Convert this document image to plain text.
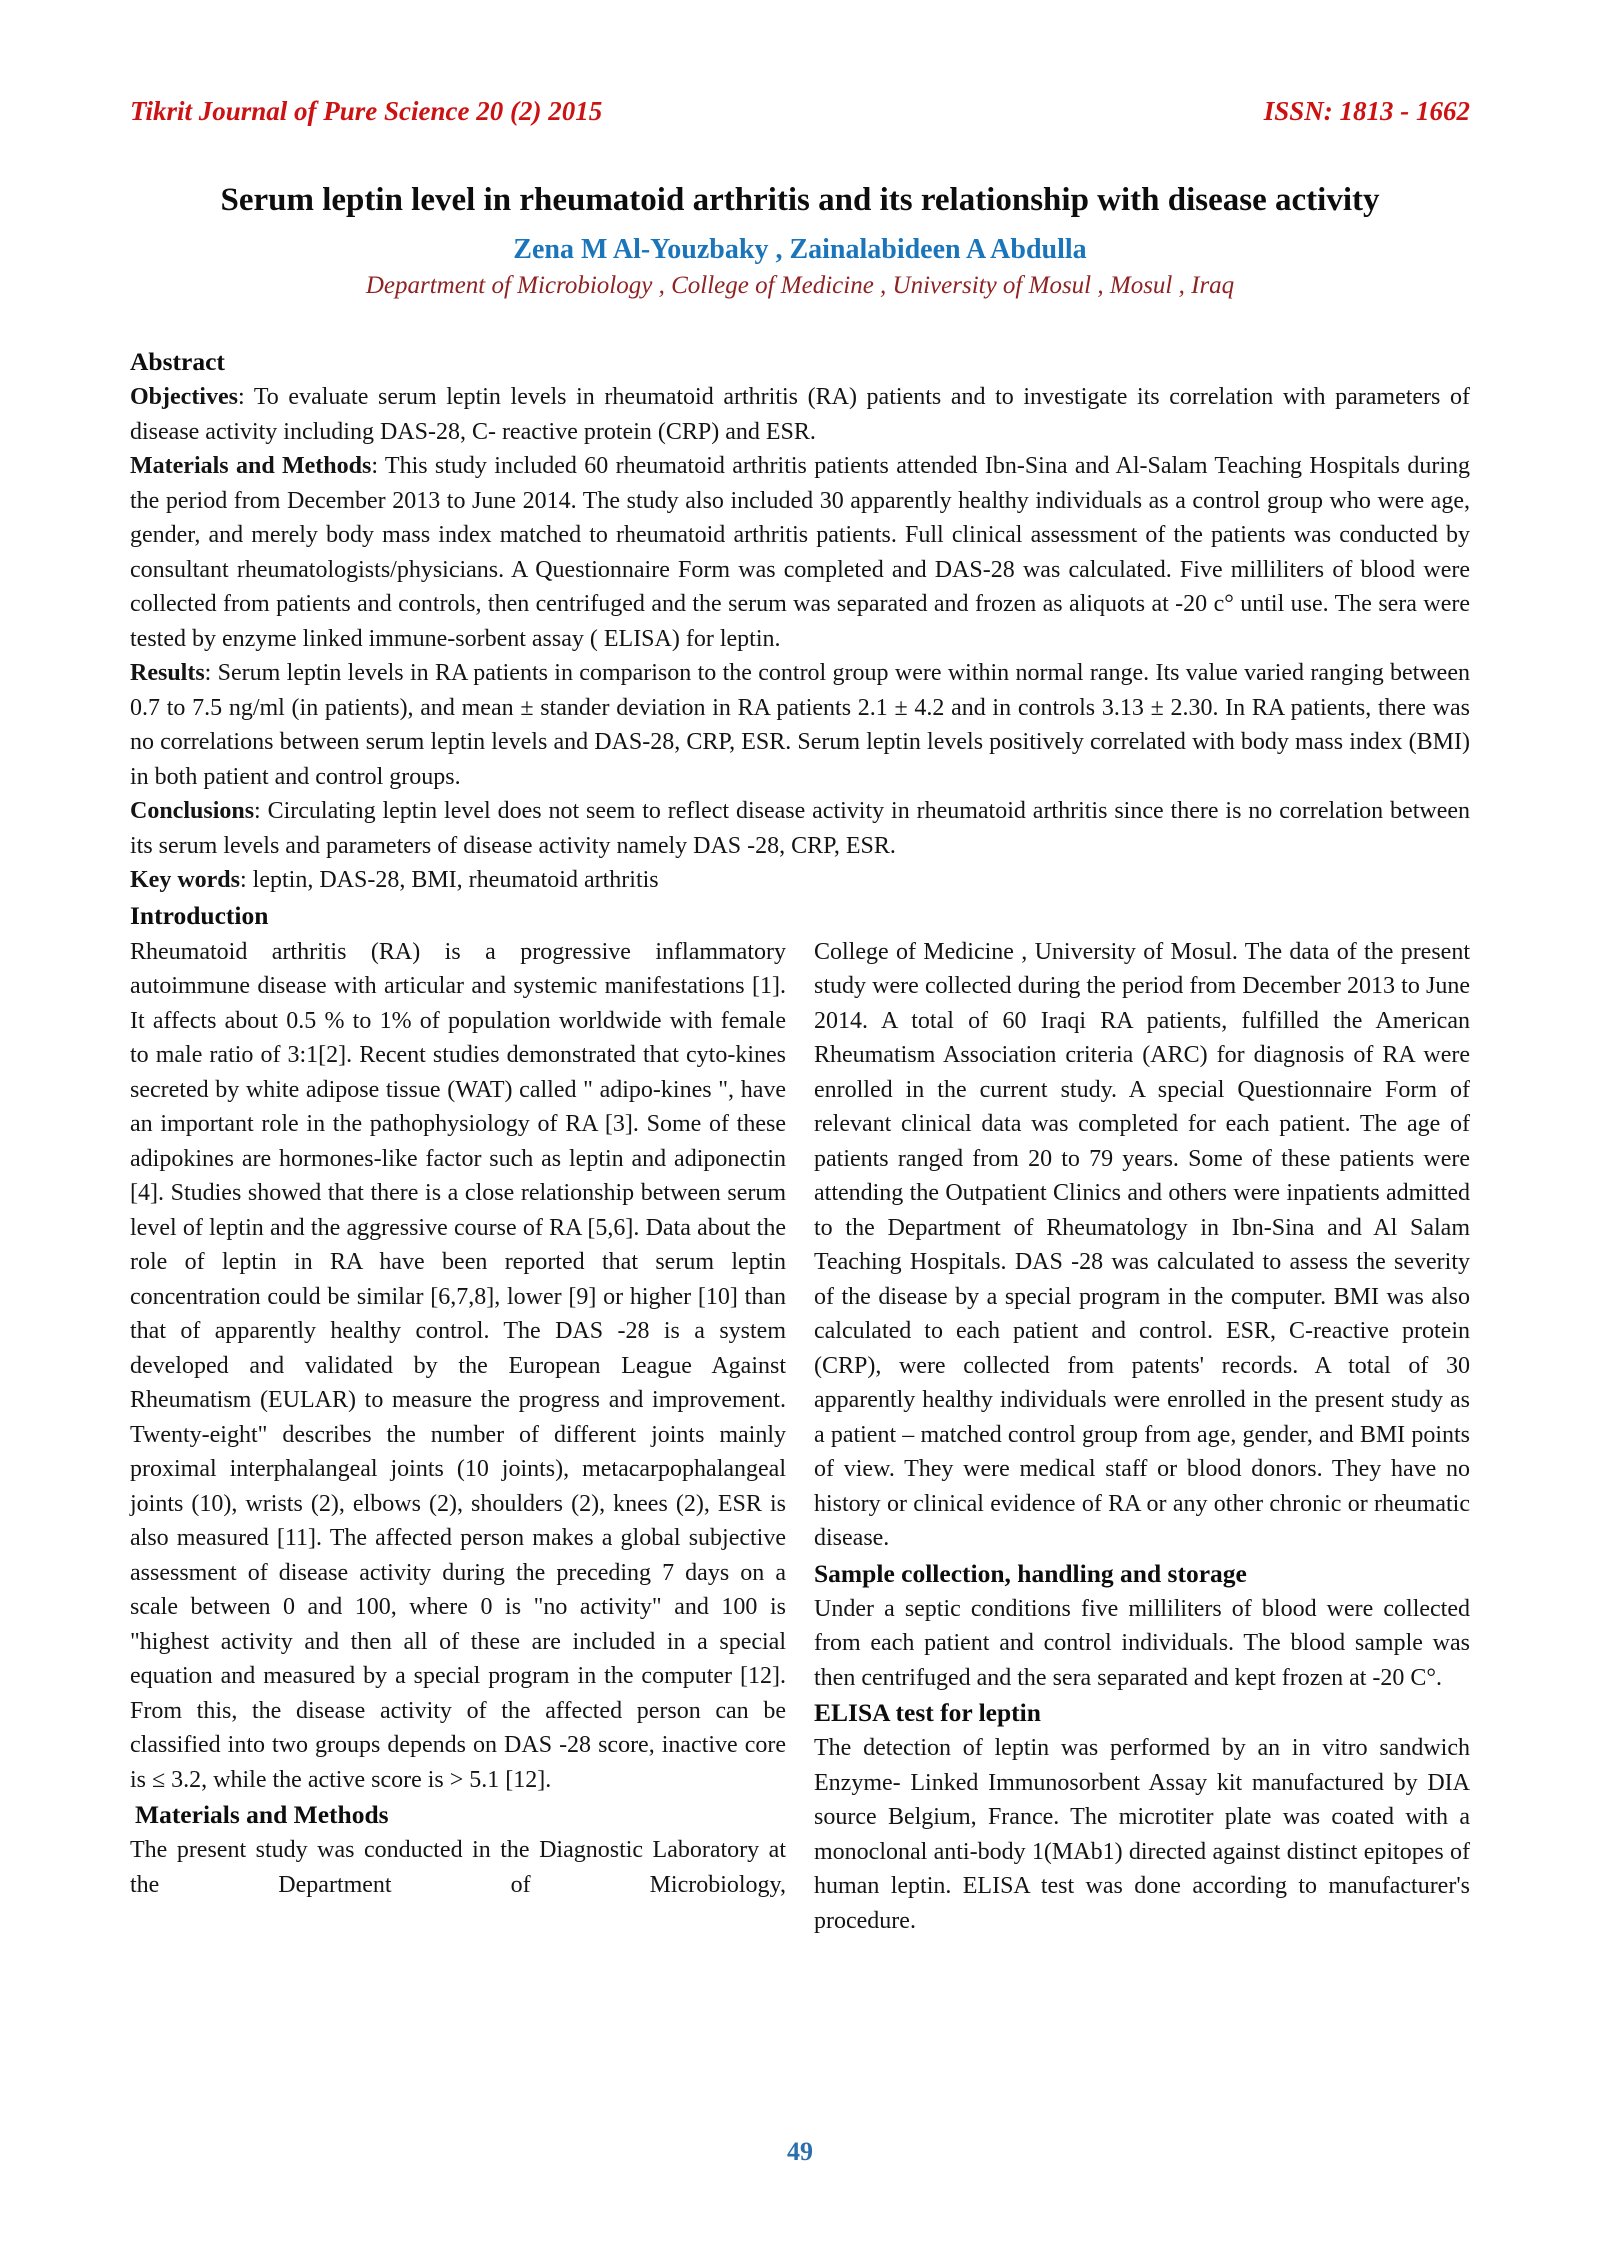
Tikrit Journal of Pure Science 20 (2) 2015	ISSN: 1813 - 1662
Serum leptin level in rheumatoid arthritis and its relationship with disease activity
Zena M Al-Youzbaky , Zainalabideen A Abdulla
Department of Microbiology , College of Medicine , University of Mosul , Mosul , Iraq
Abstract

Objectives: To evaluate serum leptin levels in rheumatoid arthritis (RA) patients and to investigate its correlation with parameters of disease activity including DAS-28, C- reactive protein (CRP) and ESR.

Materials and Methods: This study included 60 rheumatoid arthritis patients attended Ibn-Sina and Al-Salam Teaching Hospitals during the period from December 2013 to June 2014. The study also included 30 apparently healthy individuals as a control group who were age, gender, and merely body mass index matched to rheumatoid arthritis patients. Full clinical assessment of the patients was conducted by consultant rheumatologists/physicians. A Questionnaire Form was completed and DAS-28 was calculated. Five milliliters of blood were collected from patients and controls, then centrifuged and the serum was separated and frozen as aliquots at -20 c° until use. The sera were tested by enzyme linked immune-sorbent assay ( ELISA) for leptin.

Results: Serum leptin levels in RA patients in comparison to the control group were within normal range. Its value varied ranging between 0.7 to 7.5 ng/ml (in patients), and mean ± stander deviation in RA patients 2.1 ± 4.2 and in controls 3.13 ± 2.30. In RA patients, there was no correlations between serum leptin levels and DAS-28, CRP, ESR. Serum leptin levels positively correlated with body mass index (BMI) in both patient and control groups.

Conclusions: Circulating leptin level does not seem to reflect disease activity in rheumatoid arthritis since there is no correlation between its serum levels and parameters of disease activity namely DAS -28, CRP, ESR.

Key words: leptin, DAS-28, BMI, rheumatoid arthritis

Introduction

Rheumatoid arthritis (RA) is a progressive inflammatory autoimmune disease with articular and systemic manifestations [1]. It affects about 0.5 % to 1% of population worldwide with female to male ratio of 3:1[2]. Recent studies demonstrated that cyto-kines secreted by white adipose tissue (WAT) called " adipo-kines ", have an important role in the pathophysiology of RA [3]. Some of these adipokines are hormones-like factor such as leptin and adiponectin [4]. Studies showed that there is a close relationship between serum level of leptin and the aggressive course of RA [5,6]. Data about the role of leptin in RA have been reported that serum leptin concentration could be similar [6,7,8], lower [9] or higher [10] than that of apparently healthy control. The DAS -28 is a system developed and validated by the European League Against Rheumatism (EULAR) to measure the progress and improvement. Twenty-eight" describes the number of different joints mainly proximal interphalangeal joints (10 joints), metacarpophalangeal joints (10), wrists (2), elbows (2), shoulders (2), knees (2), ESR is also measured [11]. The affected person makes a global subjective assessment of disease activity during the preceding 7 days on a scale between 0 and 100, where 0 is "no activity" and 100 is "highest activity and then all of these are included in a special equation and measured by a special program in the computer [12]. From this, the disease activity of the affected person can be classified into two groups depends on DAS -28 score, inactive core is ≤ 3.2, while the active score is > 5.1 [12].

Materials and Methods

The present study was conducted in the Diagnostic Laboratory at the Department of Microbiology,

College of Medicine , University of Mosul. The data of the present study were collected during the period from December 2013 to June 2014. A total of 60 Iraqi RA patients, fulfilled the American Rheumatism Association criteria (ARC) for diagnosis of RA were enrolled in the current study. A special Questionnaire Form of relevant clinical data was completed for each patient. The age of patients ranged from 20 to 79 years. Some of these patients were attending the Outpatient Clinics and others were inpatients admitted to the Department of Rheumatology in Ibn-Sina and Al Salam Teaching Hospitals. DAS -28 was calculated to assess the severity of the disease by a special program in the computer. BMI was also calculated to each patient and control. ESR, C-reactive protein (CRP), were collected from patents' records. A total of 30 apparently healthy individuals were enrolled in the present study as a patient – matched control group from age, gender, and BMI points of view. They were medical staff or blood donors. They have no history or clinical evidence of RA or any other chronic or rheumatic disease.

Sample collection, handling and storage

Under a septic conditions five milliliters of blood were collected from each patient and control individuals. The blood sample was then centrifuged and the sera separated and kept frozen at -20 C°.

ELISA test for leptin

The detection of leptin was performed by an in vitro sandwich Enzyme- Linked Immunosorbent Assay kit manufactured by DIA source Belgium, France. The microtiter plate was coated with a monoclonal anti-body 1(MAb1) directed against distinct epitopes of human leptin. ELISA test was done according to manufacturer's procedure.

49
